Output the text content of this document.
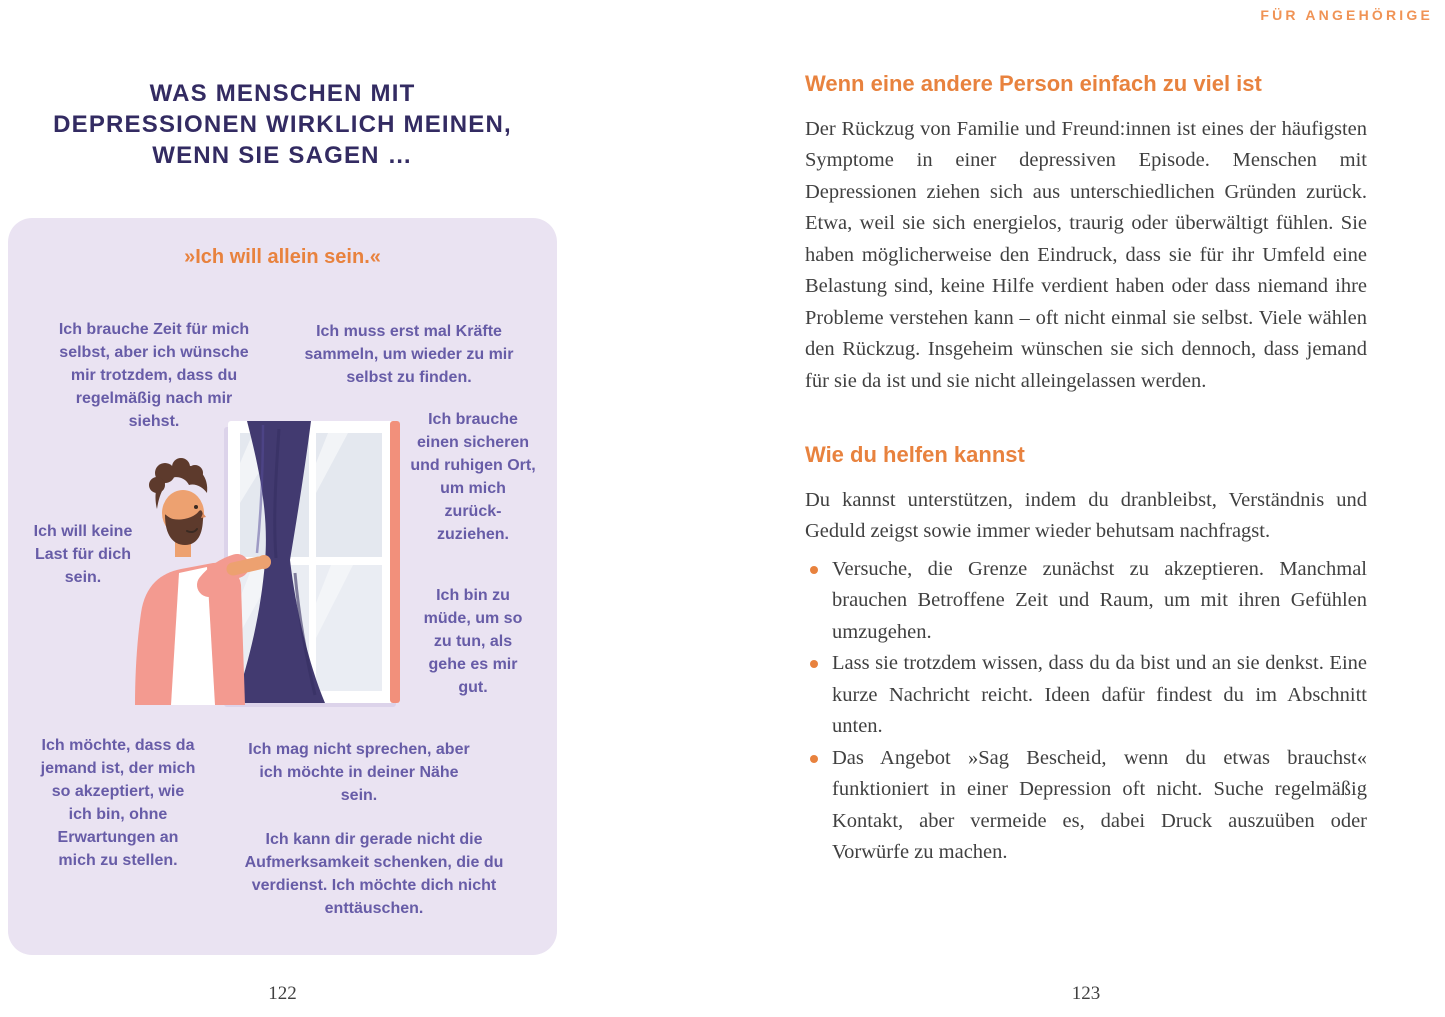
FÜR ANGEHÖRIGE
WAS MENSCHEN MIT
DEPRESSIONEN WIRKLICH MEINEN,
WENN SIE SAGEN …
»Ich will allein sein.«
Ich brauche Zeit für mich selbst, aber ich wünsche mir trotzdem, dass du regelmäßig nach mir siehst.
Ich muss erst mal Kräfte sammeln, um wieder zu mir selbst zu finden.
Ich brauche einen sicheren und ruhigen Ort, um mich zurück-zuziehen.
Ich will keine Last für dich sein.
Ich bin zu müde, um so zu tun, als gehe es mir gut.
Ich möchte, dass da jemand ist, der mich so akzeptiert, wie ich bin, ohne Erwartungen an mich zu stellen.
Ich mag nicht sprechen, aber ich möchte in deiner Nähe sein.
Ich kann dir gerade nicht die Aufmerksamkeit schenken, die du verdienst. Ich möchte dich nicht enttäuschen.
122
Wenn eine andere Person einfach zu viel ist

Der Rückzug von Familie und Freund:innen ist eines der häufigsten Symptome in einer depressiven Episode. Menschen mit Depressionen ziehen sich aus unterschiedlichen Gründen zurück. Etwa, weil sie sich energielos, traurig oder überwältigt fühlen. Sie haben möglicherweise den Eindruck, dass sie für ihr Umfeld eine Belastung sind, keine Hilfe verdient haben oder dass niemand ihre Probleme verstehen kann – oft nicht einmal sie selbst. Viele wählen den Rückzug. Insgeheim wünschen sie sich dennoch, dass jemand für sie da ist und sie nicht alleingelassen werden.

Wie du helfen kannst

Du kannst unterstützen, indem du dranbleibst, Verständnis und Geduld zeigst sowie immer wieder behutsam nachfragst.

Versuche, die Grenze zunächst zu akzeptieren. Manchmal brauchen Betroffene Zeit und Raum, um mit ihren Gefühlen umzugehen.
Lass sie trotzdem wissen, dass du da bist und an sie denkst. Eine kurze Nachricht reicht. Ideen dafür findest du im Abschnitt unten.
Das Angebot »Sag Bescheid, wenn du etwas brauchst« funktioniert in einer Depression oft nicht. Suche regelmäßig Kontakt, aber vermeide es, dabei Druck auszuüben oder Vorwürfe zu machen.
123
